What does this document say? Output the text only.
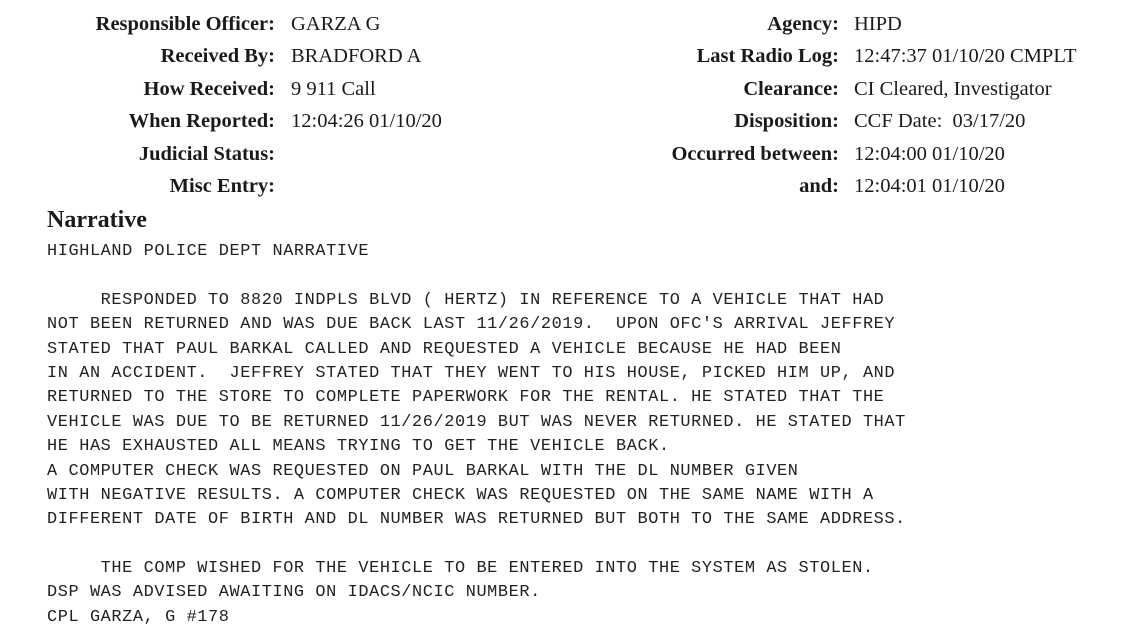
Responsible Officer: GARZA G
Received By: BRADFORD A
How Received: 9 911 Call
When Reported: 12:04:26 01/10/20
Judicial Status:
Misc Entry:
Agency: HIPD
Last Radio Log: 12:47:37 01/10/20 CMPLT
Clearance: CI Cleared, Investigator
Disposition: CCF Date:  03/17/20
Occurred between: 12:04:00 01/10/20
and: 12:04:01 01/10/20
Narrative
HIGHLAND POLICE DEPT NARRATIVE
RESPONDED TO 8820 INDPLS BLVD ( HERTZ) IN REFERENCE TO A VEHICLE THAT HAD
NOT BEEN RETURNED AND WAS DUE BACK LAST 11/26/2019.  UPON OFC'S ARRIVAL JEFFREY
STATED THAT PAUL BARKAL CALLED AND REQUESTED A VEHICLE BECAUSE HE HAD BEEN
IN AN ACCIDENT.  JEFFREY STATED THAT THEY WENT TO HIS HOUSE, PICKED HIM UP, AND
RETURNED TO THE STORE TO COMPLETE PAPERWORK FOR THE RENTAL. HE STATED THAT THE
VEHICLE WAS DUE TO BE RETURNED 11/26/2019 BUT WAS NEVER RETURNED. HE STATED THAT
HE HAS EXHAUSTED ALL MEANS TRYING TO GET THE VEHICLE BACK.
A COMPUTER CHECK WAS REQUESTED ON PAUL BARKAL WITH THE DL NUMBER GIVEN
WITH NEGATIVE RESULTS. A COMPUTER CHECK WAS REQUESTED ON THE SAME NAME WITH A
DIFFERENT DATE OF BIRTH AND DL NUMBER WAS RETURNED BUT BOTH TO THE SAME ADDRESS.
THE COMP WISHED FOR THE VEHICLE TO BE ENTERED INTO THE SYSTEM AS STOLEN.
DSP WAS ADVISED AWAITING ON IDACS/NCIC NUMBER.
CPL GARZA, G #178
